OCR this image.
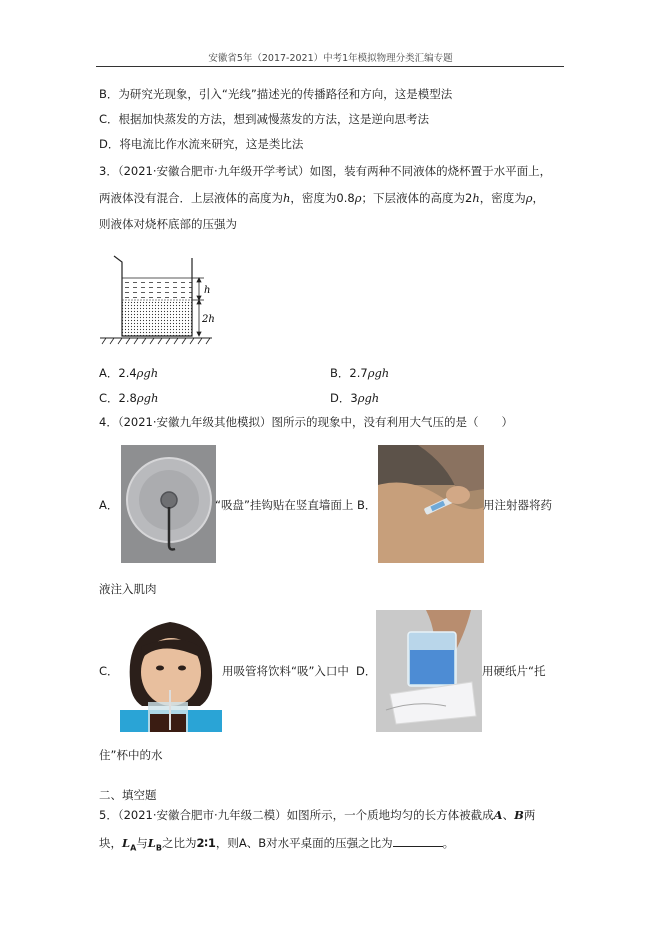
安徽省5年（2017-2021）中考1年模拟物理分类汇编专题
B．为研究光现象，引入“光线”描述光的传播路径和方向，这是模型法
C．根据加快蒸发的方法，想到减慢蒸发的方法，这是逆向思考法
D．将电流比作水流来研究，这是类比法
3．（2021·安徽合肥市·九年级开学考试）如图，装有两种不同液体的烧杯置于水平面上，
两液体没有混合．上层液体的高度为h，密度为0.8ρ；下层液体的高度为2h，密度为ρ，
则液体对烧杯底部的压强为
h
2h
A．2.4ρgh	B．2.7ρgh
C．2.8ρgh	D．3ρgh
4．（2021·安徽九年级其他模拟）图所示的现象中，没有利用大气压的是（　　）
A．	“吸盘”挂钩贴在竖直墙面上 B．	用注射器将药
液注入肌肉
C．	用吸管将饮料“吸”入口中 D．	用硬纸片“托
住”杯中的水
二、填空题
5．（2021·安徽合肥市·九年级二模）如图所示，一个质地均匀的长方体被截成A、B两
块，$L_A$与$L_B$之比为2∶1，则A、B对水平桌面的压强之比为	。
